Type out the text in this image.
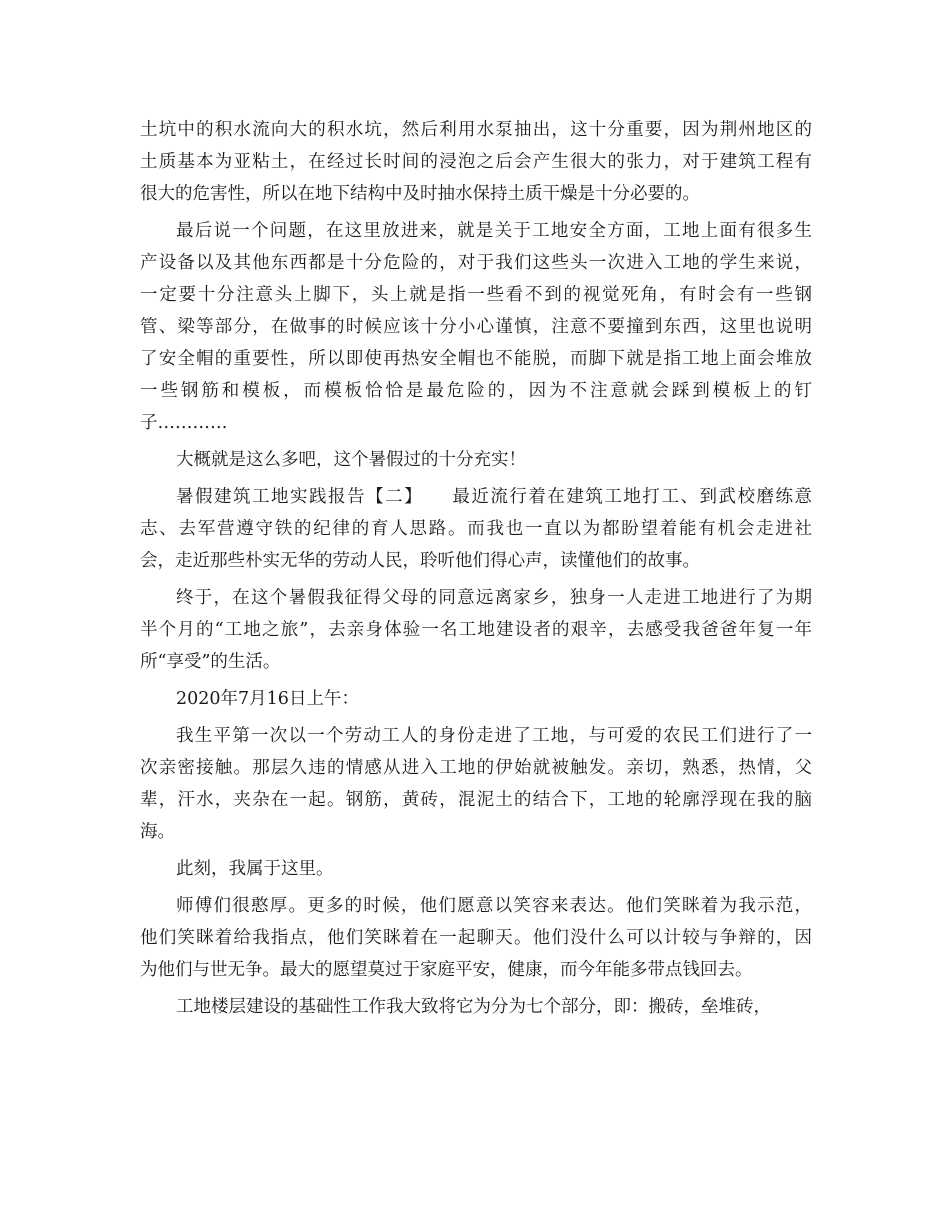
土坑中的积水流向大的积水坑，然后利用水泵抽出，这十分重要，因为荆州地区的
土质基本为亚粘土，在经过长时间的浸泡之后会产生很大的张力，对于建筑工程有
很大的危害性，所以在地下结构中及时抽水保持土质干燥是十分必要的。
最后说一个问题，在这里放进来，就是关于工地安全方面，工地上面有很多生
产设备以及其他东西都是十分危险的，对于我们这些头一次进入工地的学生来说，
一定要十分注意头上脚下，头上就是指一些看不到的视觉死角，有时会有一些钢
管、梁等部分，在做事的时候应该十分小心谨慎，注意不要撞到东西，这里也说明
了安全帽的重要性，所以即使再热安全帽也不能脱，而脚下就是指工地上面会堆放
一些钢筋和模板，而模板恰恰是最危险的，因为不注意就会踩到模板上的钉
子…………
大概就是这么多吧，这个暑假过的十分充实！
暑假建筑工地实践报告【二】　　最近流行着在建筑工地打工、到武校磨练意
志、去军营遵守铁的纪律的育人思路。而我也一直以为都盼望着能有机会走进社
会，走近那些朴实无华的劳动人民，聆听他们得心声，读懂他们的故事。
终于，在这个暑假我征得父母的同意远离家乡，独身一人走进工地进行了为期
半个月的“工地之旅”，去亲身体验一名工地建设者的艰辛，去感受我爸爸年复一年
所“享受”的生活。
2020年7月16日上午：
我生平第一次以一个劳动工人的身份走进了工地，与可爱的农民工们进行了一
次亲密接触。那层久违的情感从进入工地的伊始就被触发。亲切，熟悉，热情，父
辈，汗水，夹杂在一起。钢筋，黄砖，混泥土的结合下，工地的轮廓浮现在我的脑
海。
此刻，我属于这里。
师傅们很憨厚。更多的时候，他们愿意以笑容来表达。他们笑眯着为我示范，
他们笑眯着给我指点，他们笑眯着在一起聊天。他们没什么可以计较与争辩的，因
为他们与世无争。最大的愿望莫过于家庭平安，健康，而今年能多带点钱回去。
工地楼层建设的基础性工作我大致将它为分为七个部分，即：搬砖，垒堆砖，
